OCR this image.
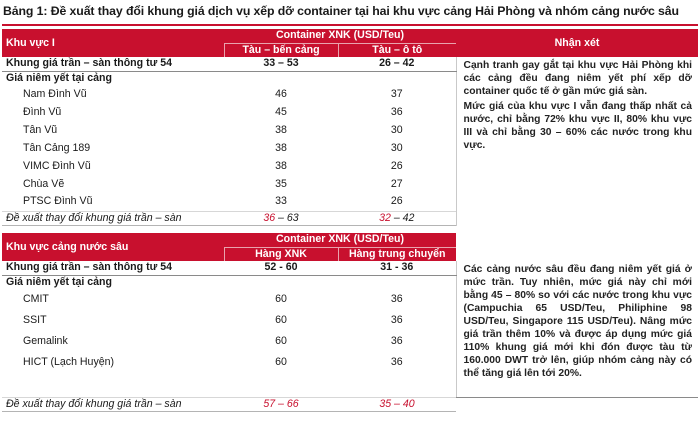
Bảng 1: Đề xuất thay đổi khung giá dịch vụ xếp dỡ container tại hai khu vực cảng Hải Phòng và nhóm cảng nước sâu
Khu vực I	Container XNK (USD/Teu)		Nhận xét
	Tàu – bến cảng	Tàu – ô tô	
Khung giá trần – sàn thông tư 54	33 – 53	26 – 42	Cạnh tranh gay gắt tại khu vực Hải Phòng khi các cảng đều đang niêm yết phí xếp dỡ container quốc tế ở gần mức giá sàn.

Mức giá của khu vực I vẫn đang thấp nhất cả nước, chỉ bằng 72% khu vực II, 80% khu vực III và chỉ bằng 30 – 60% các nước trong khu vực.

Giá niêm yết tại cảng			
Nam Đình Vũ	46	37	
Đình Vũ	45	36	
Tân Vũ	38	30	
Tân Cảng 189	38	30	
VIMC Đình Vũ	38	26	
Chùa Vẽ	35	27	
PTSC Đình Vũ	33	26	
Đề xuất thay đổi khung giá trần – sàn	36 – 63	32 – 42	
Khu vực cảng nước sâu	Container XNK (USD/Teu)		
	Hàng XNK	Hàng trung chuyển	
Khung giá trần – sàn thông tư 54	52 - 60	31 - 36	Các cảng nước sâu đều đang niêm yết giá ở mức trần. Tuy nhiên, mức giá này chỉ mới bằng 45 – 80% so với các nước trong khu vực (Campuchia 65 USD/Teu, Philiphine 98 USD/Teu, Singapore 115 USD/Teu). Nâng mức giá trần thêm 10% và được áp dụng mức giá 110% khung giá mới khi đón được tàu từ 160.000 DWT trở lên, giúp nhóm cảng này có thể tăng giá lên tới 20%.

Giá niêm yết tại cảng			
CMIT	60	36	
SSIT	60	36	
Gemalink	60	36	
HICT (Lạch Huyện)	60	36	

Đề xuất thay đổi khung giá trần – sàn	57 – 66	35 – 40	
